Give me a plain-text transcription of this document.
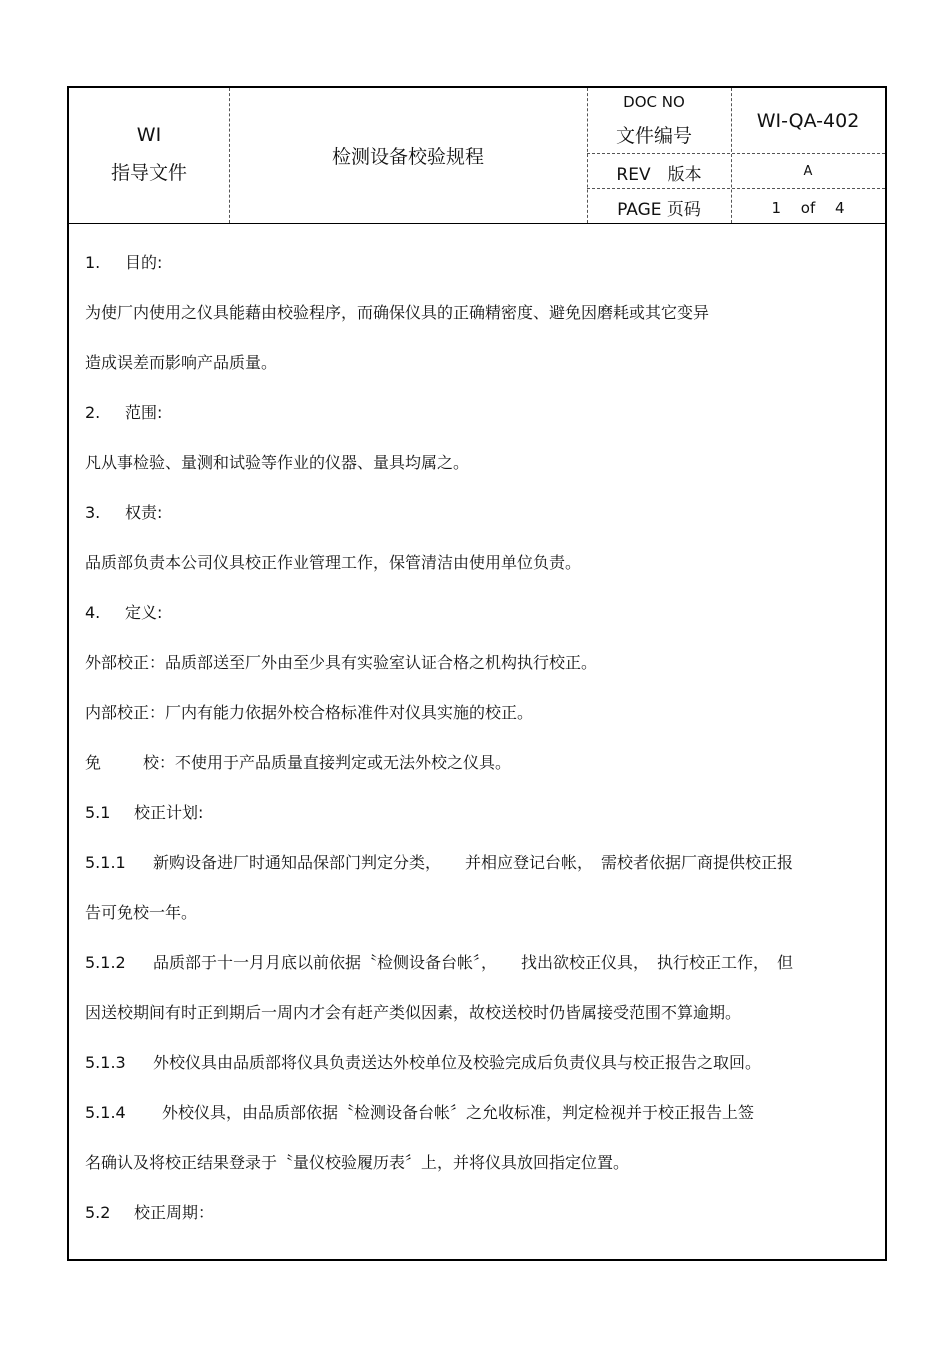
WI
指导文件
检测设备校验规程
DOC NO
文件编号
WI-QA-402
REV　版本	A
PAGE 页码	1　 of　 4
1. 目的:
为使厂内使用之仪具能藉由校验程序，而确保仪具的正确精密度、避免因磨耗或其它变异
造成误差而影响产品质量。
2. 范围:
凡从事检验、量测和试验等作业的仪器、量具均属之。
3. 权责:
品质部负责本公司仪具校正作业管理工作，保管清洁由使用单位负责。
4. 定义:
外部校正：品质部送至厂外由至少具有实验室认证合格之机构执行校正。
内部校正：厂内有能力依据外校合格标准件对仪具实施的校正。
免	校：不使用于产品质量直接判定或无法外校之仪具。
5.1 校正计划:
5.1.1 新购设备进厂时通知品保部门判定分类，　　并相应登记台帐，　需校者依据厂商提供校正报
告可免校一年。
5.1.2 品质部于十一月月底以前依据〝检侧设备台帐〞，　　找出欲校正仪具，　执行校正工作，　但
因送校期间有时正到期后一周内才会有赶产类似因素，故校送校时仍皆属接受范围不算逾期。
5.1.3 外校仪具由品质部将仪具负责送达外校单位及校验完成后负责仪具与校正报告之取回。
5.1.4 外校仪具，由品质部依据〝检测设备台帐〞之允收标准，判定检视并于校正报告上签
名确认及将校正结果登录于〝量仪校验履历表〞上，并将仪具放回指定位置。
5.2 校正周期：
